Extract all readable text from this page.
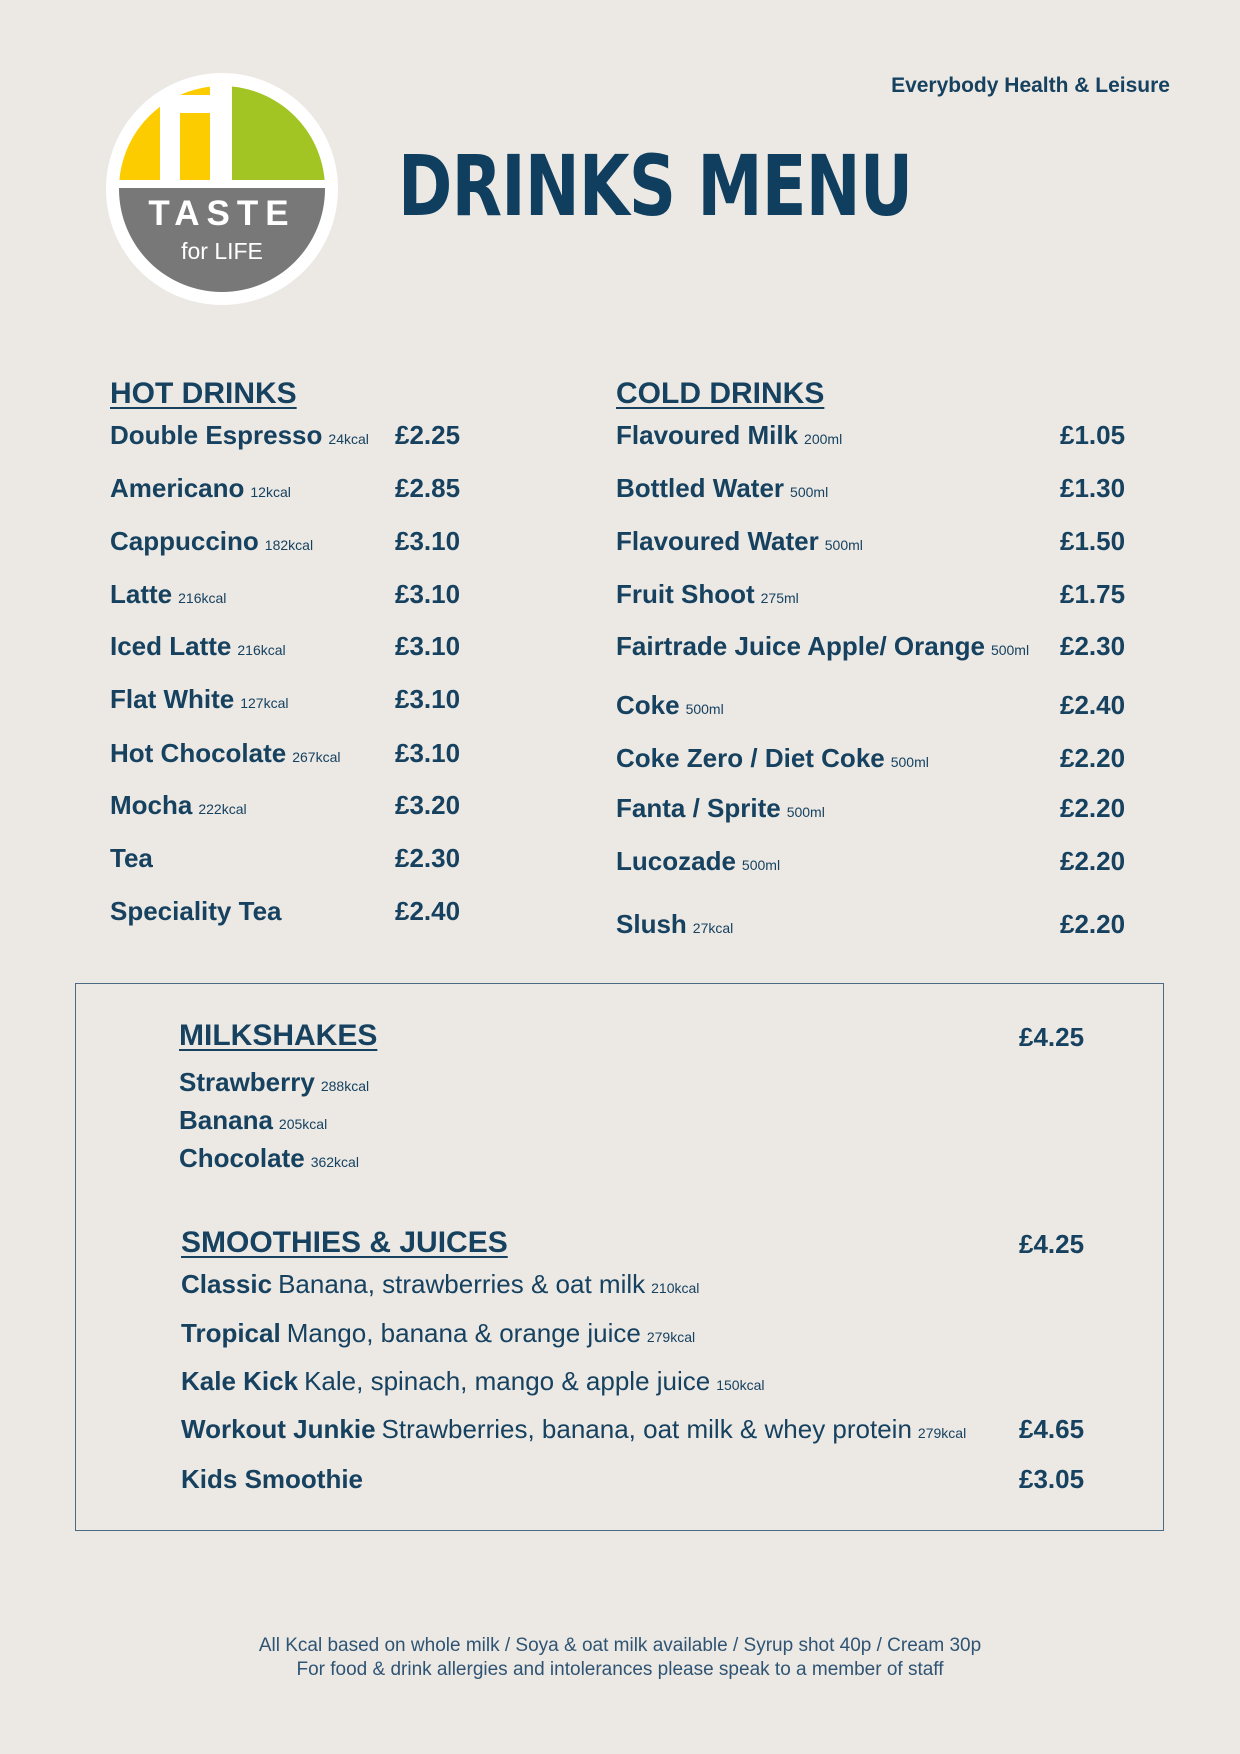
Everybody Health & Leisure
TASTE
for LIFE
DRINKS MENU
HOT DRINKS
Double Espresso 24kcal £2.25
Americano 12kcal	£2.85
Cappuccino 182kcal	£3.10
Latte 216kcal	£3.10
Iced Latte 216kcal	£3.10
Flat White 127kcal	£3.10
Hot Chocolate 267kcal £3.10
Mocha 222kcal	£3.20
Tea	£2.30
Speciality Tea	£2.40
COLD DRINKS
Flavoured Milk 200ml	£1.05
Bottled Water 500ml	£1.30
Flavoured Water 500ml	£1.50
Fruit Shoot 275ml	£1.75
Fairtrade Juice Apple/ Orange 500ml £2.30
Coke 500ml	£2.40
Coke Zero / Diet Coke 500ml	£2.20
Fanta / Sprite 500ml	£2.20
Lucozade 500ml	£2.20
Slush 27kcal	£2.20
MILKSHAKES	£4.25
Strawberry 288kcal
Banana 205kcal
Chocolate 362kcal
SMOOTHIES & JUICES	£4.25
Classic Banana, strawberries & oat milk 210kcal
Tropical Mango, banana & orange juice 279kcal
Kale Kick Kale, spinach, mango & apple juice 150kcal
Workout Junkie Strawberries, banana, oat milk & whey protein 279kcal £4.65
Kids Smoothie	£3.05
All Kcal based on whole milk / Soya & oat milk available / Syrup shot 40p / Cream 30p
For food & drink allergies and intolerances please speak to a member of staff
